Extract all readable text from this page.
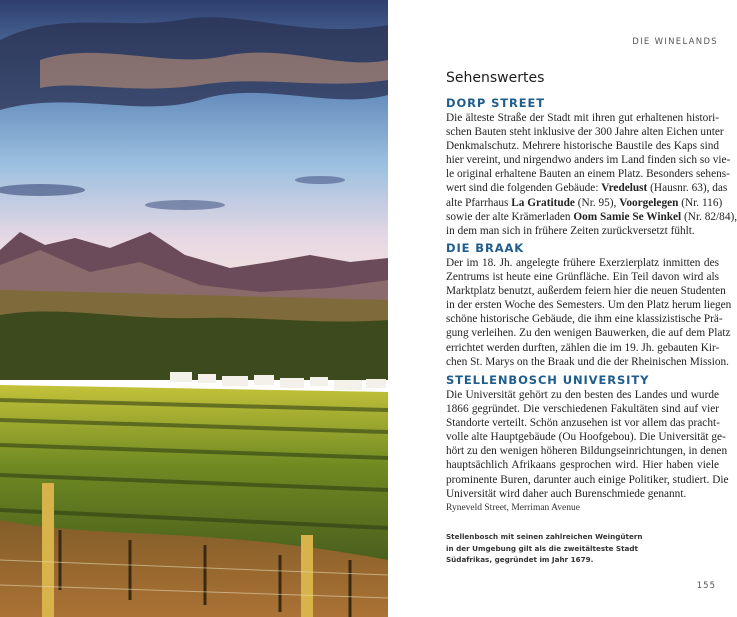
DIE WINELANDS
Sehenswertes
DORP STREET
Die älteste Straße der Stadt mit ihren gut erhaltenen histori-
schen Bauten steht inklusive der 300 Jahre alten Eichen unter
Denkmalschutz. Mehrere historische Baustile des Kaps sind
hier vereint, und nirgendwo anders im Land finden sich so vie-
le original erhaltene Bauten an einem Platz. Besonders sehens-
wert sind die folgenden Gebäude: Vredelust (Hausnr. 63), das
alte Pfarrhaus La Gratitude (Nr. 95), Voorgelegen (Nr. 116)
sowie der alte Krämerladen Oom Samie Se Winkel (Nr. 82/84),
in dem man sich in frühere Zeiten zurückversetzt fühlt.
DIE BRAAK
Der im 18. Jh. angelegte frühere Exerzierplatz inmitten des
Zentrums ist heute eine Grünfläche. Ein Teil davon wird als
Marktplatz benutzt, außerdem feiern hier die neuen Studenten
in der ersten Woche des Semesters. Um den Platz herum liegen
schöne historische Gebäude, die ihm eine klassizistische Prä-
gung verleihen. Zu den wenigen Bauwerken, die auf dem Platz
errichtet werden durften, zählen die im 19. Jh. gebauten Kir-
chen St. Marys on the Braak und die der Rheinischen Mission.
STELLENBOSCH UNIVERSITY
Die Universität gehört zu den besten des Landes und wurde
1866 gegründet. Die verschiedenen Fakultäten sind auf vier
Standorte verteilt. Schön anzusehen ist vor allem das pracht-
volle alte Hauptgebäude (Ou Hoofgebou). Die Universität ge-
hört zu den wenigen höheren Bildungseinrichtungen, in denen
hauptsächlich Afrikaans gesprochen wird. Hier haben viele
prominente Buren, darunter auch einige Politiker, studiert. Die
Universität wird daher auch Burenschmiede genannt.
Ryneveld Street, Merriman Avenue
Stellenbosch mit seinen zahlreichen Weingütern
in der Umgebung gilt als die zweitälteste Stadt
Südafrikas, gegründet im Jahr 1679.
155
